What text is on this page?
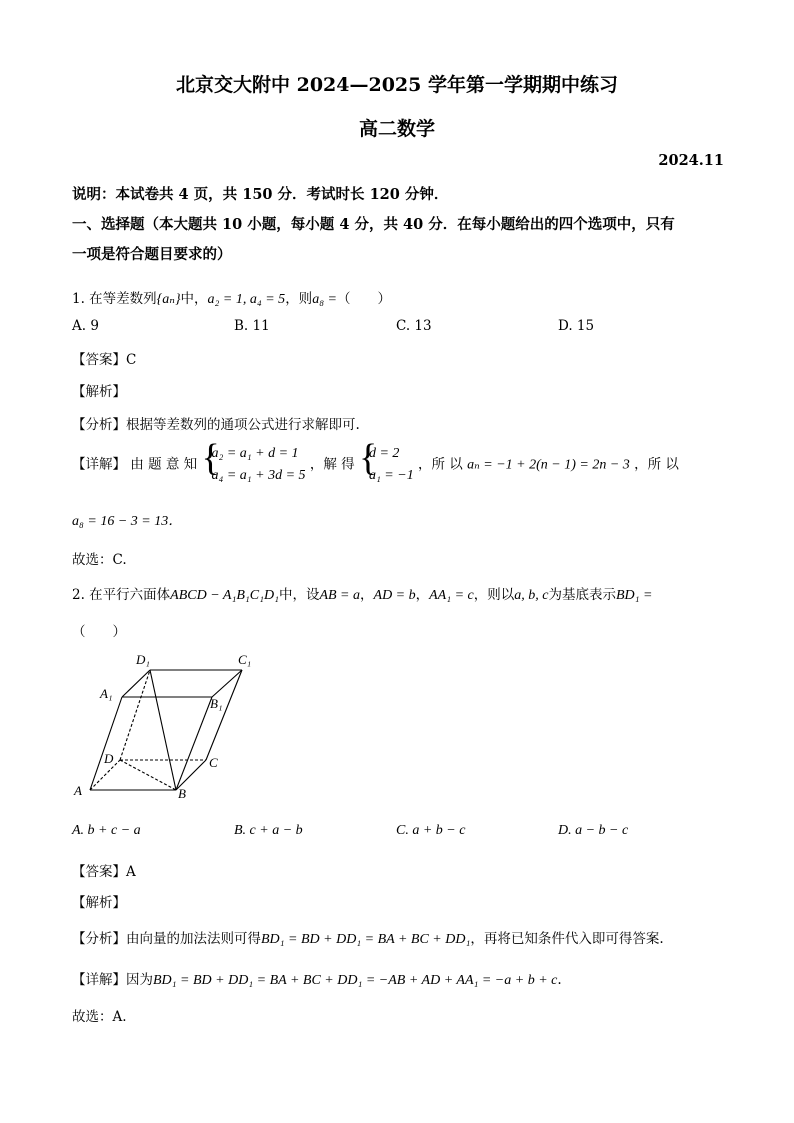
北京交大附中 2024—2025 学年第一学期期中练习
高二数学
2024.11
说明：本试卷共 4 页，共 150 分．考试时长 120 分钟．
一、选择题（本大题共 10 小题，每小题 4 分，共 40 分．在每小题给出的四个选项中，只有
一项是符合题目要求的）
1. 在等差数列{aₙ}中，a₂ = 1, a₄ = 5，则a₈ =（　　）
A. 9	B. 11	C. 13	D. 15
【答案】C
【解析】
【分析】根据等差数列的通项公式进行求解即可.
【详解】 由 题 意 知 {
a₂ = a₁ + d = 1
a₄ = a₁ + 3d = 5
，解 得 {
d = 2
a₁ = −1
，所 以 aₙ = −1 + 2(n − 1) = 2n − 3 ，所 以
a₈ = 16 − 3 = 13．
故选：C.
2. 在平行六面体ABCD − A₁B₁C₁D₁中，设AB = a，AD = b，AA₁ = c，则以a, b, c为基底表示BD₁ =
（　　）
D₁	C₁
A₁
B₁
D	C
A	B
A. b + c − a	B. c + a − b	C. a + b − c	D. a − b − c
【答案】A
【解析】
【分析】由向量的加法法则可得BD₁ = BD + DD₁ = BA + BC + DD₁，再将已知条件代入即可得答案.
【详解】因为BD₁ = BD + DD₁ = BA + BC + DD₁ = −AB + AD + AA₁ = −a + b + c.
故选：A.
